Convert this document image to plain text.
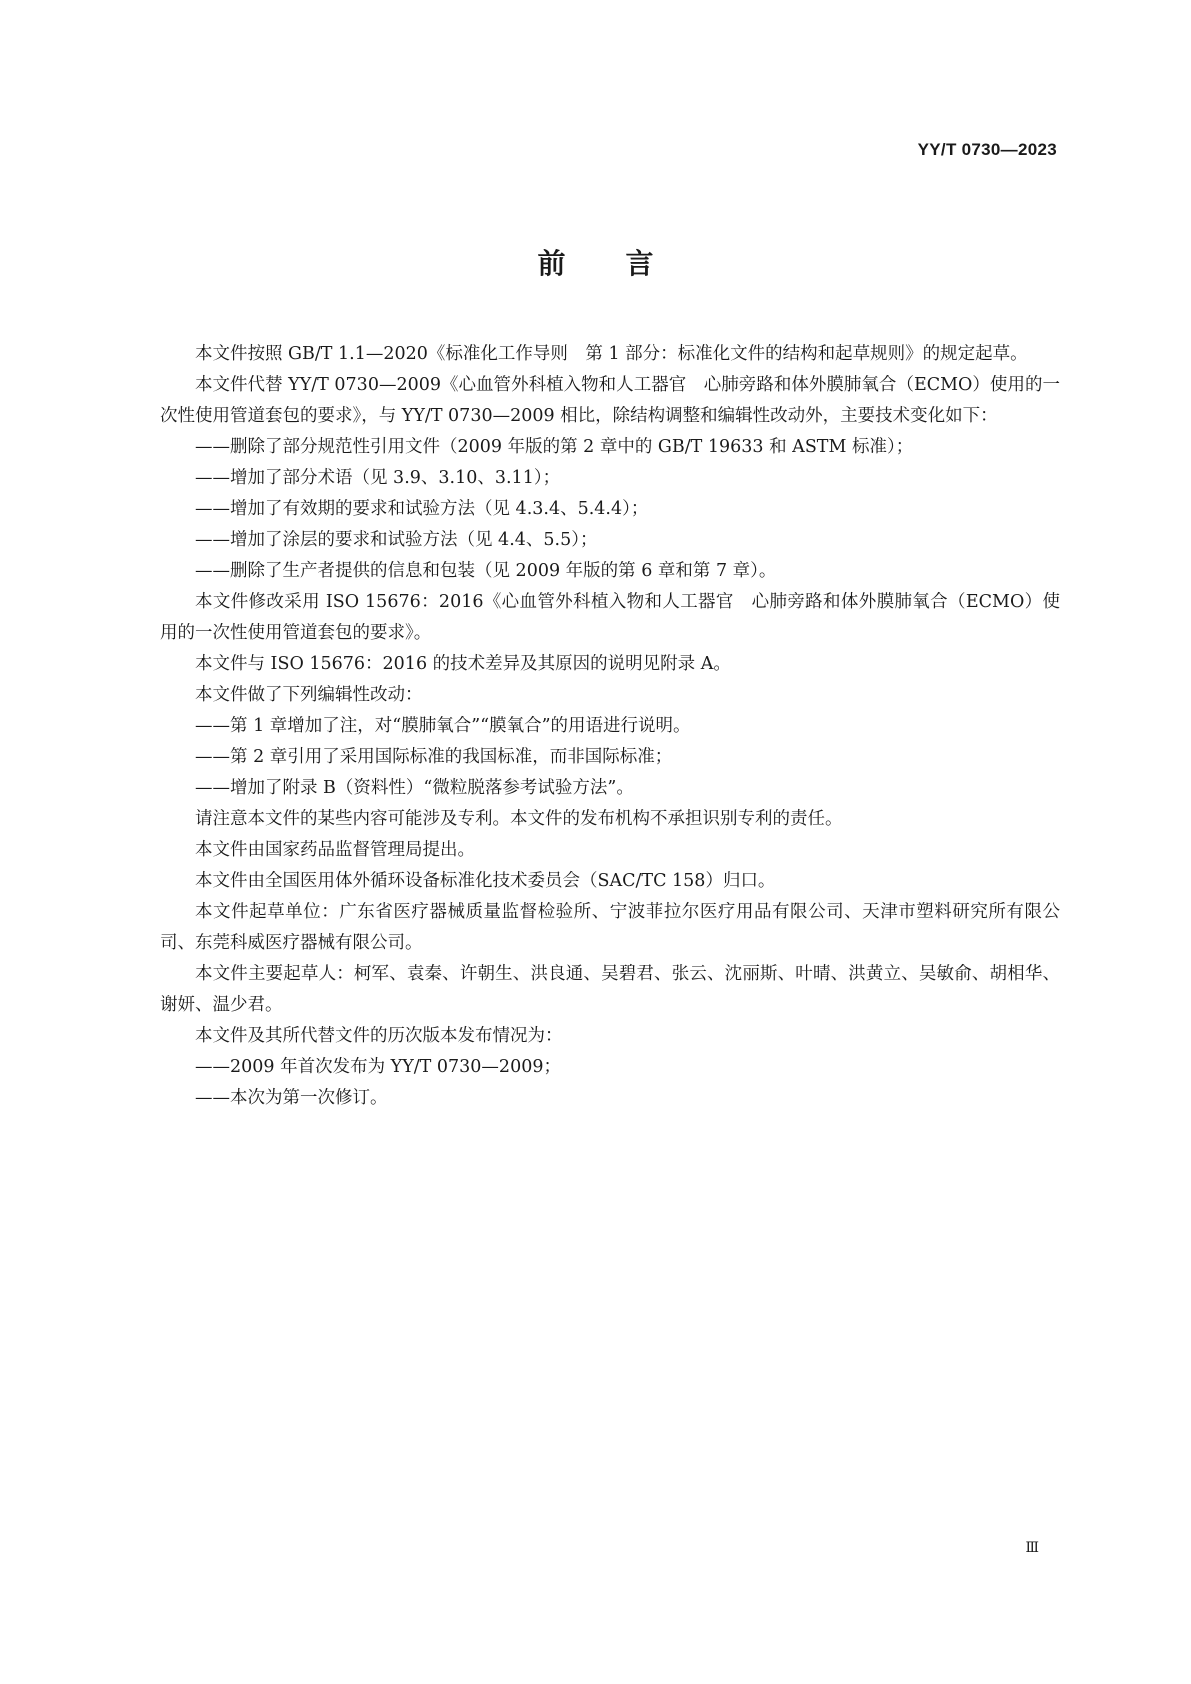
YY/T 0730—2023
前言

本文件按照 GB/T 1.1—2020《标准化工作导则　第 1 部分：标准化文件的结构和起草规则》的规定起草。

本文件代替 YY/T 0730—2009《心血管外科植入物和人工器官　心肺旁路和体外膜肺氧合（ECMO）使用的一次性使用管道套包的要求》，与 YY/T 0730—2009 相比，除结构调整和编辑性改动外，主要技术变化如下：

——删除了部分规范性引用文件（2009 年版的第 2 章中的 GB/T 19633 和 ASTM 标准）；

——增加了部分术语（见 3.9、3.10、3.11）；

——增加了有效期的要求和试验方法（见 4.3.4、5.4.4）；

——增加了涂层的要求和试验方法（见 4.4、5.5）；

——删除了生产者提供的信息和包装（见 2009 年版的第 6 章和第 7 章）。

本文件修改采用 ISO 15676：2016《心血管外科植入物和人工器官　心肺旁路和体外膜肺氧合（ECMO）使用的一次性使用管道套包的要求》。

本文件与 ISO 15676：2016 的技术差异及其原因的说明见附录 A。

本文件做了下列编辑性改动：

——第 1 章增加了注，对“膜肺氧合”“膜氧合”的用语进行说明。

——第 2 章引用了采用国际标准的我国标准，而非国际标准；

——增加了附录 B（资料性）“微粒脱落参考试验方法”。

请注意本文件的某些内容可能涉及专利。本文件的发布机构不承担识别专利的责任。

本文件由国家药品监督管理局提出。

本文件由全国医用体外循环设备标准化技术委员会（SAC/TC 158）归口。

本文件起草单位：广东省医疗器械质量监督检验所、宁波菲拉尔医疗用品有限公司、天津市塑料研究所有限公司、东莞科威医疗器械有限公司。

本文件主要起草人：柯军、袁秦、许朝生、洪良通、吴碧君、张云、沈丽斯、叶晴、洪黄立、吴敏俞、胡相华、谢妍、温少君。

本文件及其所代替文件的历次版本发布情况为：

——2009 年首次发布为 YY/T 0730—2009；

——本次为第一次修订。

Ⅲ
